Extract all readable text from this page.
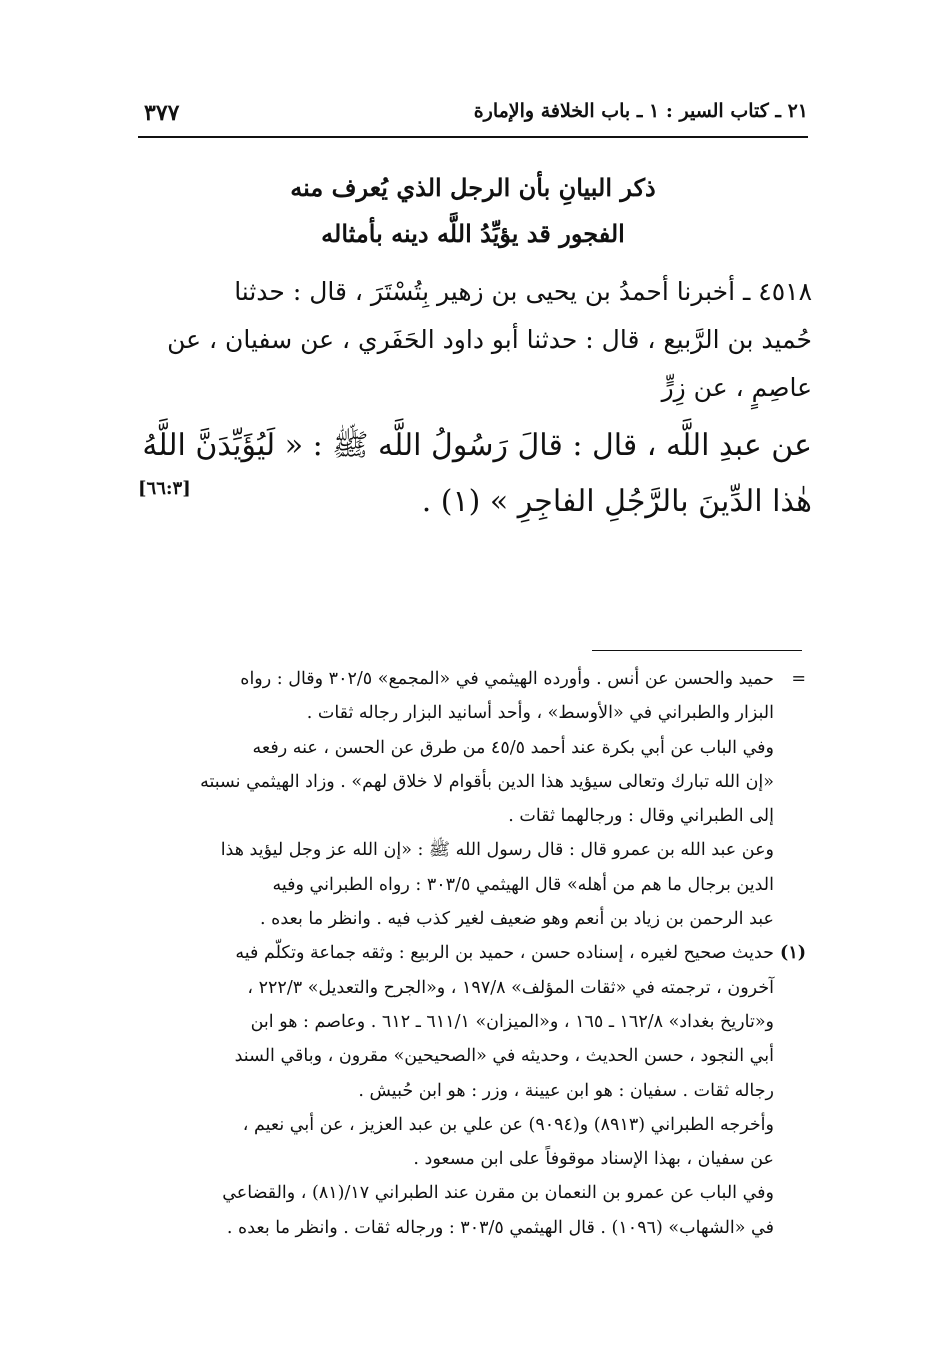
٢١ ـ كتاب السير : ١ ـ باب الخلافة والإمارة
٣٧٧
ذكر البيانِ بأن الرجل الذي يُعرف منه
الفجور قد يؤيِّدُ اللَّه دينه بأمثاله

٤٥١٨ ـ أخبرنا أحمدُ بن يحيى بن زهير بِتُسْتَرَ ، قال : حدثنا

حُميد بن الرَّبيع ، قال : حدثنا أبو داود الحَفَري ، عن سفيان ، عن

عاصِمٍ ، عن زِرٍّ

عن عبدِ اللَّه ، قال : قالَ رَسُولُ اللَّه ﷺ : « لَيُؤَيِّدَنَّ اللَّهُ

هٰذا الدِّينَ بالرَّجُلِ الفاجِرِ » (١) .

[٦٦:٣]

=
حميد والحسن عن أنس . وأورده الهيثمي في «المجمع» ٣٠٢/٥ وقال : رواه

البزار والطبراني في «الأوسط» ، وأحد أسانيد البزار رجاله ثقات .

وفي الباب عن أبي بكرة عند أحمد ٤٥/٥ من طرق عن الحسن ، عنه رفعه

«إن الله تبارك وتعالى سيؤيد هذا الدين بأقوام لا خلاق لهم» . وزاد الهيثمي نسبته

إلى الطبراني وقال : ورجالهما ثقات .

وعن عبد الله بن عمرو قال : قال رسول الله ﷺ : «إن الله عز وجل ليؤيد هذا

الدين برجال ما هم من أهله» قال الهيثمي ٣٠٣/٥ : رواه الطبراني وفيه

عبد الرحمن بن زياد بن أنعم وهو ضعيف لغير كذب فيه . وانظر ما بعده .

(١)
حديث صحيح لغيره ، إسناده حسن ، حميد بن الربيع : وثقه جماعة وتكلّم فيه

آخرون ، ترجمته في «ثقات المؤلف» ١٩٧/٨ ، و«الجرح والتعديل» ٢٢٢/٣ ،

و«تاريخ بغداد» ١٦٢/٨ ـ ١٦٥ ، و«الميزان» ٦١١/١ ـ ٦١٢ . وعاصم : هو ابن

أبي النجود ، حسن الحديث ، وحديثه في «الصحيحين» مقرون ، وباقي السند

رجاله ثقات . سفيان : هو ابن عيينة ، وزر : هو ابن حُبيش .

وأخرجه الطبراني (٨٩١٣) و(٩٠٩٤) عن علي بن عبد العزيز ، عن أبي نعيم ،

عن سفيان ، بهذا الإسناد موقوفاً على ابن مسعود .

وفي الباب عن عمرو بن النعمان بن مقرن عند الطبراني ١٧/(٨١) ، والقضاعي

في «الشهاب» (١٠٩٦) . قال الهيثمي ٣٠٣/٥ : ورجاله ثقات . وانظر ما بعده .
